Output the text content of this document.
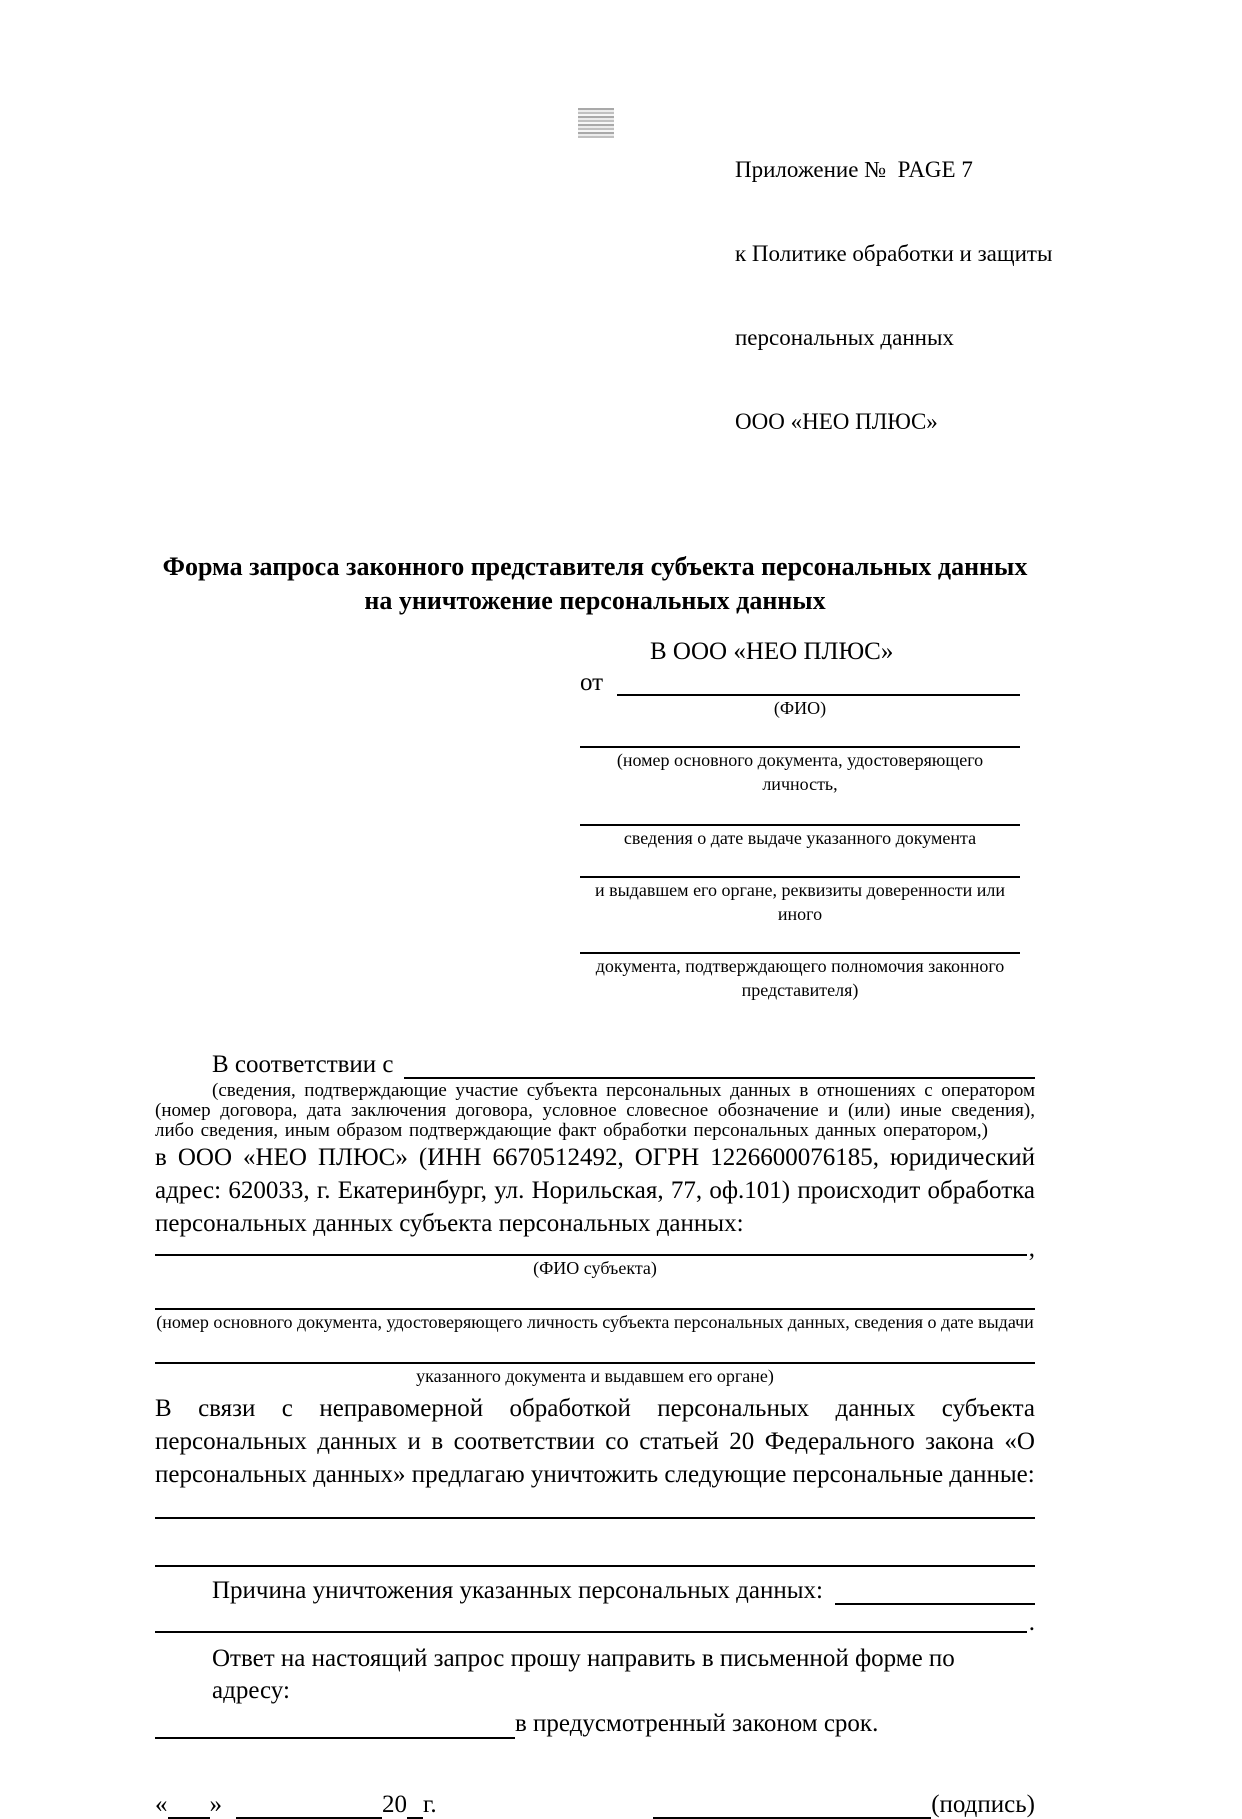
Приложение №  PAGE 7

к Политике обработки и защиты

персональных данных

ООО «НЕО ПЛЮС»

Форма запроса законного представителя субъекта персональных данных
на уничтожение персональных данных
В ООО «НЕО ПЛЮС»
от
(ФИО)
(номер основного документа, удостоверяющего личность,
сведения о дате выдаче указанного документа
и выдавшем его органе, реквизиты доверенности или иного
документа, подтверждающего полномочия законного представителя)
В соответствии с
(сведения, подтверждающие участие субъекта персональных данных в отношениях с оператором (номер договора, дата заключения договора, условное словесное обозначение и (или) иные сведения), либо сведения, иным образом подтверждающие факт обработки персональных данных оператором,)
в ООО «НЕО ПЛЮС» (ИНН 6670512492, ОГРН 1226600076185, юридический адрес: 620033, г. Екатеринбург, ул. Норильская, 77, оф.101) происходит обработка персональных данных субъекта персональных данных:
,
(ФИО субъекта)
(номер основного документа, удостоверяющего личность субъекта персональных данных, сведения о дате выдачи
указанного документа и выдавшем его органе)
В связи с неправомерной обработкой персональных данных субъекта персональных данных и в соответствии со статьей 20 Федерального закона «О персональных данных» предлагаю уничтожить следующие персональные данные:
Причина уничтожения указанных персональных данных:
.
Ответ на настоящий запрос прошу направить в письменной форме по адресу:
в предусмотренный законом срок.
« »	20 г.	(подпись)
